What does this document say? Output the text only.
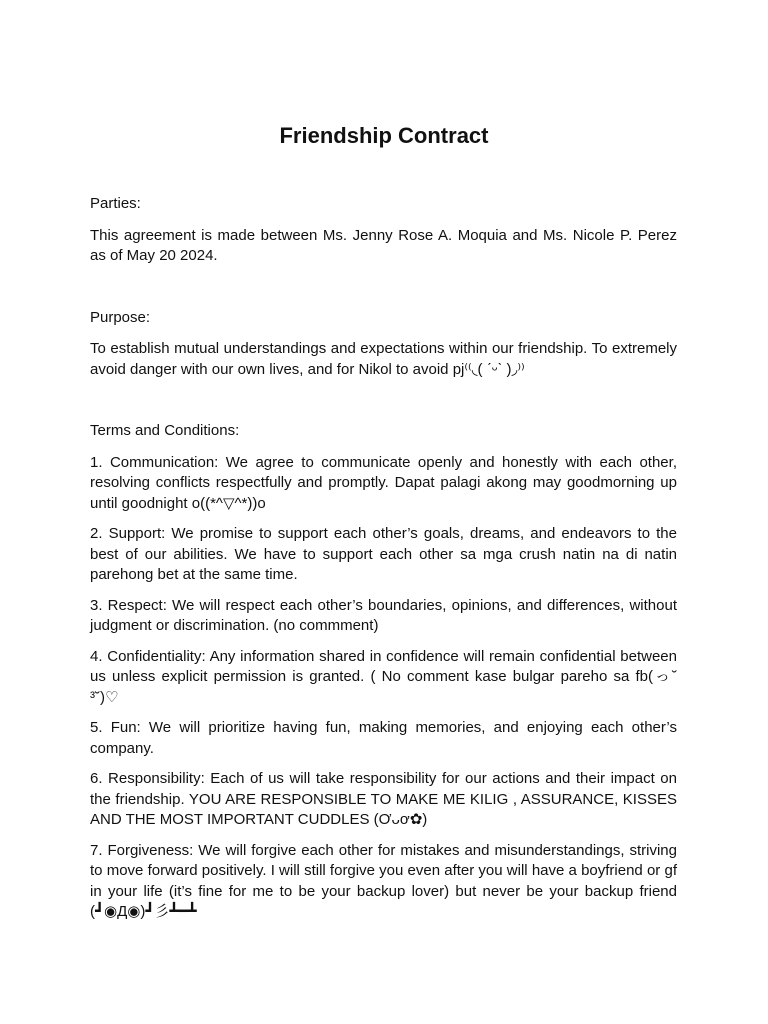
Friendship Contract

Parties:

This agreement is made between Ms. Jenny Rose A. Moquia and Ms. Nicole P. Perez as of May 20 2024.

Purpose:

To establish mutual understandings and expectations within our friendship. To extremely avoid danger with our own lives, and for Nikol to avoid pj⁽⁽◟( ˊᵕˋ )◞⁾⁾

Terms and Conditions:

1. Communication: We agree to communicate openly and honestly with each other, resolving conflicts respectfully and promptly. Dapat palagi akong may goodmorning up until goodnight o((*^▽^*))o

2. Support: We promise to support each other’s goals, dreams, and endeavors to the best of our abilities. We have to support each other sa mga crush natin na di natin parehong bet at the same time.

3. Respect: We will respect each other’s boundaries, opinions, and differences, without judgment or discrimination. (no commment)

4. Confidentiality: Any information shared in confidence will remain confidential between us unless explicit permission is granted. ( No comment kase bulgar pareho sa fb(っ˘ ³˘)♡

5. Fun: We will prioritize having fun, making memories, and enjoying each other’s company.

6. Responsibility: Each of us will take responsibility for our actions and their impact on the friendship. YOU ARE RESPONSIBLE TO MAKE ME KILIG , ASSURANCE, KISSES AND THE MOST IMPORTANT CUDDLES (Ơᴗơ✿)

7. Forgiveness: We will forgive each other for mistakes and misunderstandings, striving to move forward positively. I will still forgive you even after you will have a boyfriend or gf in your life (it’s fine for me to be your backup lover) but never be your backup friend (┛◉Д◉)┛彡┻━┻
